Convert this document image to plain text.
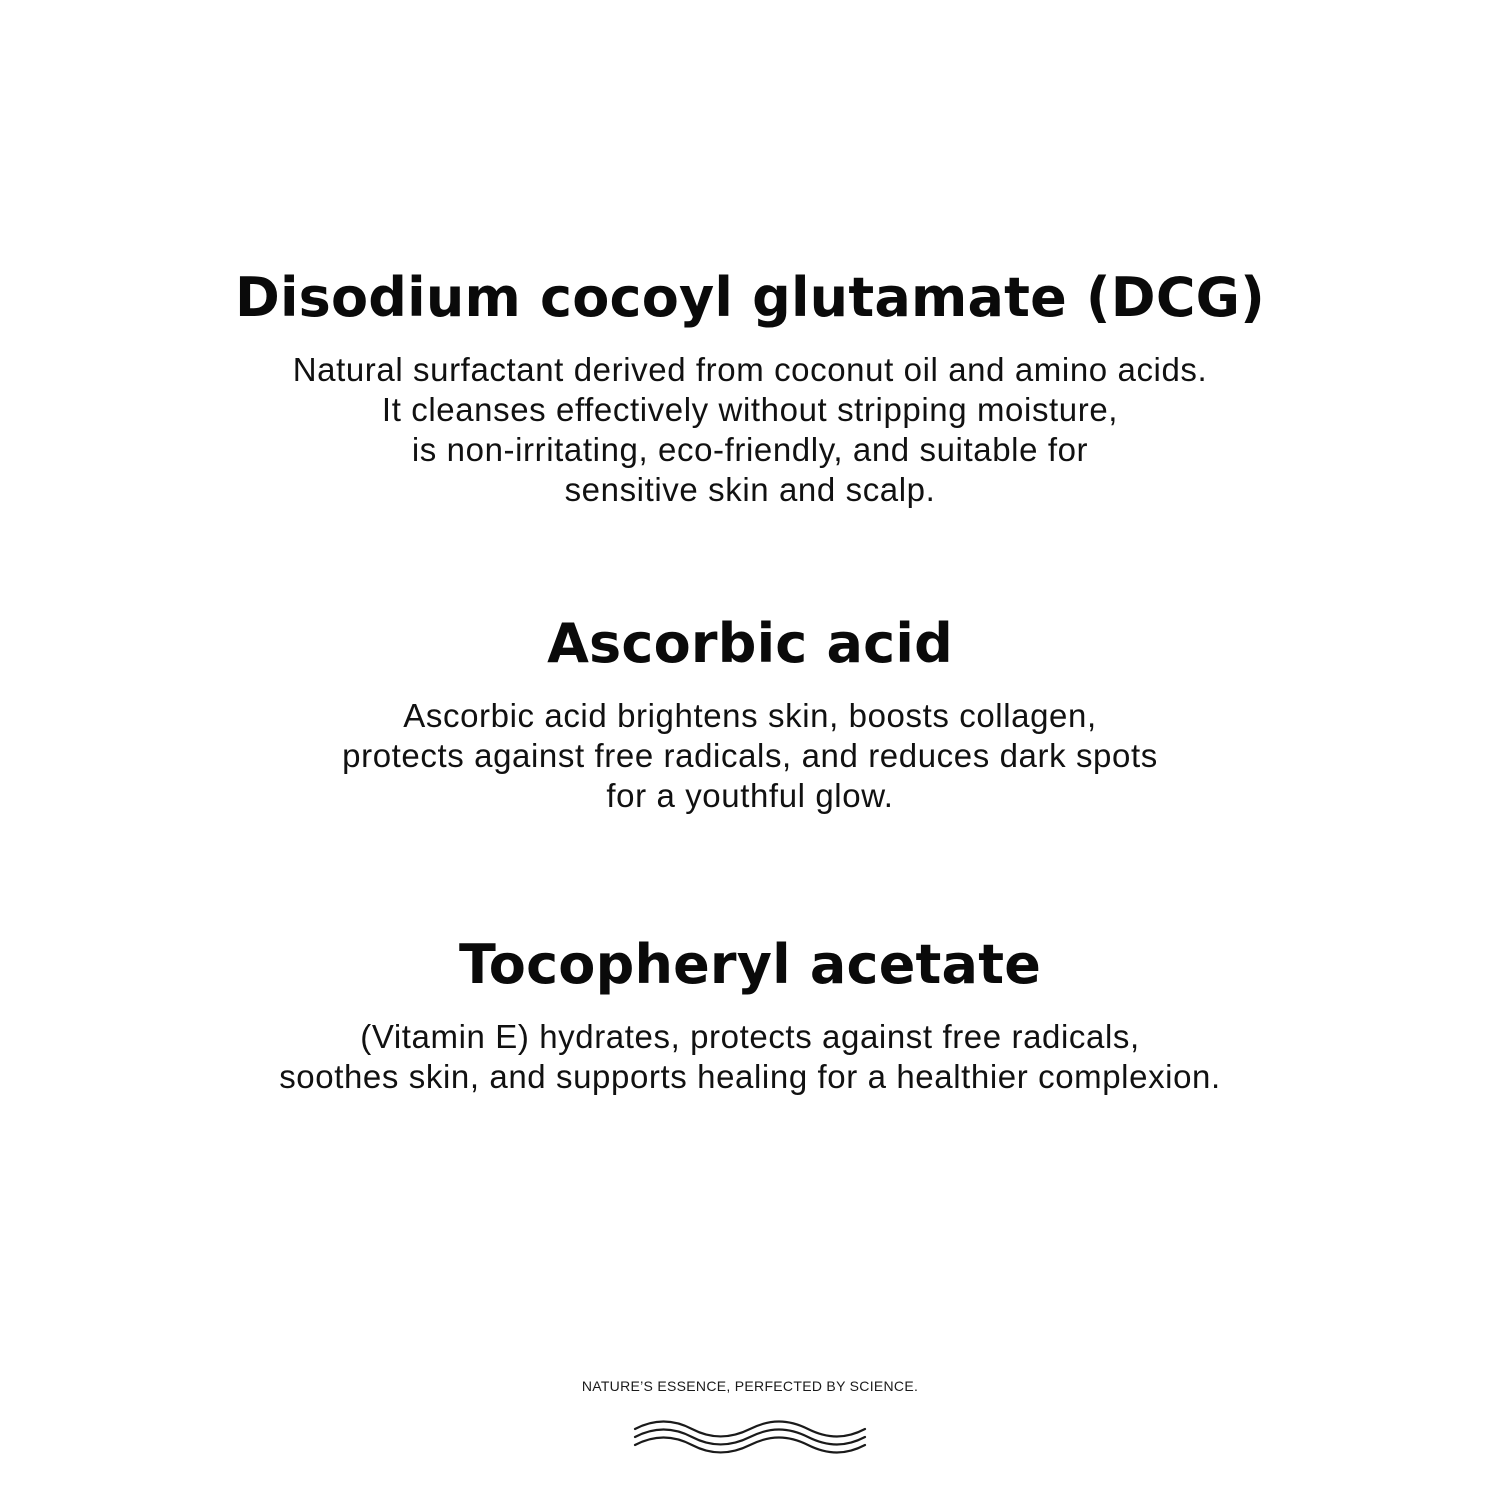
Disodium cocoyl glutamate (DCG)
Natural surfactant derived from coconut oil and amino acids.
It cleanses effectively without stripping moisture,
is non-irritating, eco-friendly, and suitable for
sensitive skin and scalp.
Ascorbic acid
Ascorbic acid brightens skin, boosts collagen,
protects against free radicals, and reduces dark spots
for a youthful glow.
Tocopheryl acetate
(Vitamin E) hydrates, protects against free radicals,
soothes skin, and supports healing for a healthier complexion.
NATURE’S ESSENCE, PERFECTED BY SCIENCE.
